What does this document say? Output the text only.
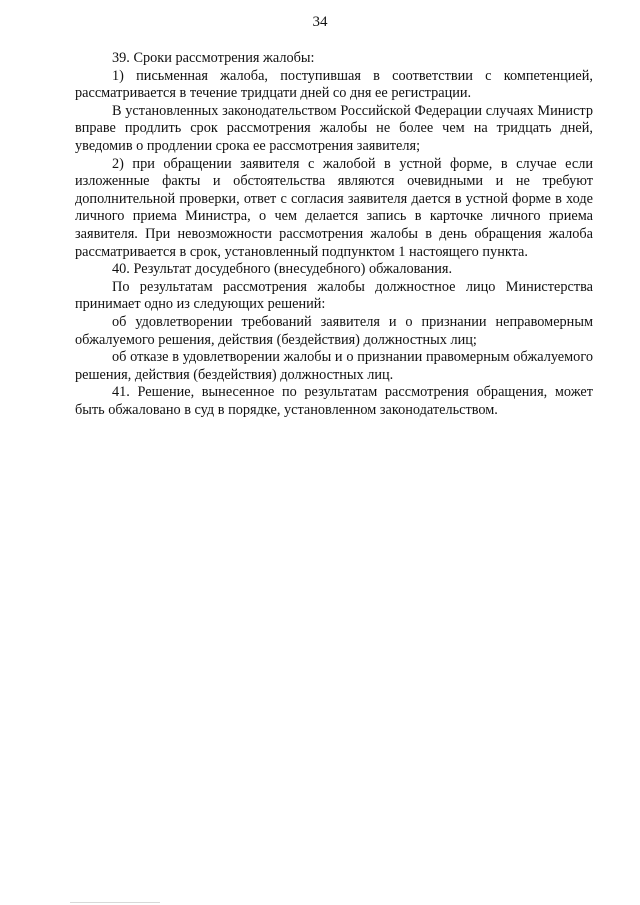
34

39. Сроки рассмотрения жалобы:

1) письменная жалоба, поступившая в соответствии с компетенцией, рассматривается в течение тридцати дней со дня ее регистрации.

В установленных законодательством Российской Федерации случаях Министр вправе продлить срок рассмотрения жалобы не более чем на тридцать дней, уведомив о продлении срока ее рассмотрения заявителя;

2) при обращении заявителя с жалобой в устной форме, в случае если изложенные факты и обстоятельства являются очевидными и не требуют дополнительной проверки, ответ с согласия заявителя дается в устной форме в ходе личного приема Министра, о чем делается запись в карточке личного приема заявителя. При невозможности рассмотрения жалобы в день обращения жалоба рассматривается в срок, установленный подпунктом 1 настоящего пункта.

40. Результат досудебного (внесудебного) обжалования.

По результатам рассмотрения жалобы должностное лицо Министерства принимает одно из следующих решений:

об удовлетворении требований заявителя и о признании неправомерным обжалуемого решения, действия (бездействия) должностных лиц;

об отказе в удовлетворении жалобы и о признании правомерным обжалуемого решения, действия (бездействия) должностных лиц.

41. Решение, вынесенное по результатам рассмотрения обращения, может быть обжаловано в суд в порядке, установленном законодательством.
